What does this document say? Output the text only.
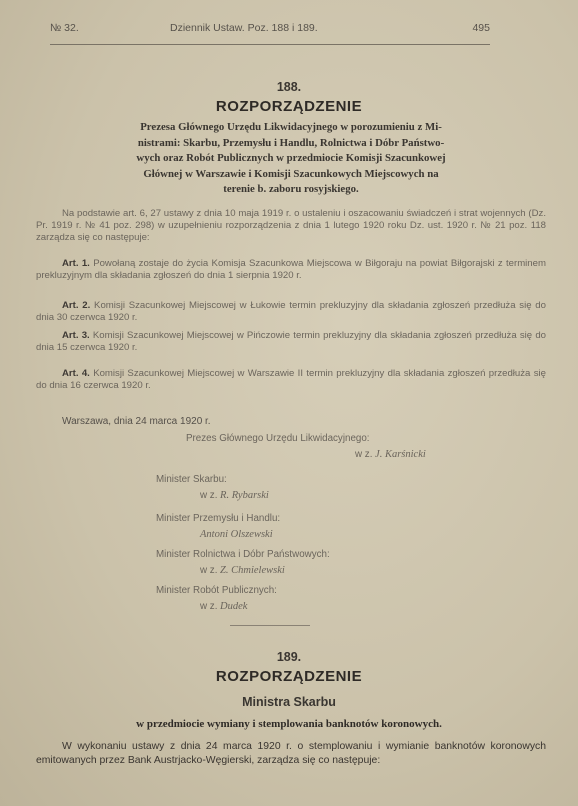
№ 32.	Dziennik Ustaw. Poz. 188 i 189.	495
188.
ROZPORZĄDZENIE
Prezesa Głównego Urzędu Likwidacyjnego w porozumieniu z Mi-
nistrami: Skarbu, Przemysłu i Handlu, Rolnictwa i Dóbr Państwo-
wych oraz Robót Publicznych w przedmiocie Komisji Szacunkowej
Głównej w Warszawie i Komisji Szacunkowych Miejscowych na
terenie b. zaboru rosyjskiego.

Na podstawie art. 6, 27 ustawy z dnia 10 maja 1919 r. o ustaleniu i oszacowaniu świadczeń i strat wojennych (Dz. Pr. 1919 r. № 41 poz. 298) w uzupełnieniu rozporządzenia z dnia 1 lutego 1920 roku Dz. ust. 1920 r. № 21 poz. 118 zarządza się co następuje:

Art. 1. Powołaną zostaje do życia Komisja Szacunkowa Miejscowa w Biłgoraju na powiat Biłgorajski z terminem prekluzyjnym dla składania zgłoszeń do dnia 1 sierpnia 1920 r.

Art. 2. Komisji Szacunkowej Miejscowej w Łukowie termin prekluzyjny dla składania zgłoszeń przedłuża się do dnia 30 czerwca 1920 r.

Art. 3. Komisji Szacunkowej Miejscowej w Pińczowie termin prekluzyjny dla składania zgłoszeń przedłuża się do dnia 15 czerwca 1920 r.

Art. 4. Komisji Szacunkowej Miejscowej w Warszawie II termin prekluzyjny dla składania zgłoszeń przedłuża się do dnia 16 czerwca 1920 r.

Warszawa, dnia 24 marca 1920 r.
Prezes Głównego Urzędu Likwidacyjnego:
w z. J. Karśnicki
Minister Skarbu:
w z. R. Rybarski
Minister Przemysłu i Handlu:
Antoni Olszewski
Minister Rolnictwa i Dóbr Państwowych:
w z. Z. Chmielewski
Minister Robót Publicznych:
w z. Dudek
189.
ROZPORZĄDZENIE
Ministra Skarbu
w przedmiocie wymiany i stemplowania banknotów koronowych.

W wykonaniu ustawy z dnia 24 marca 1920 r. o stemplowaniu i wymianie banknotów koronowych emitowanych przez Bank Austrjacko-Węgierski, zarządza się co następuje:
